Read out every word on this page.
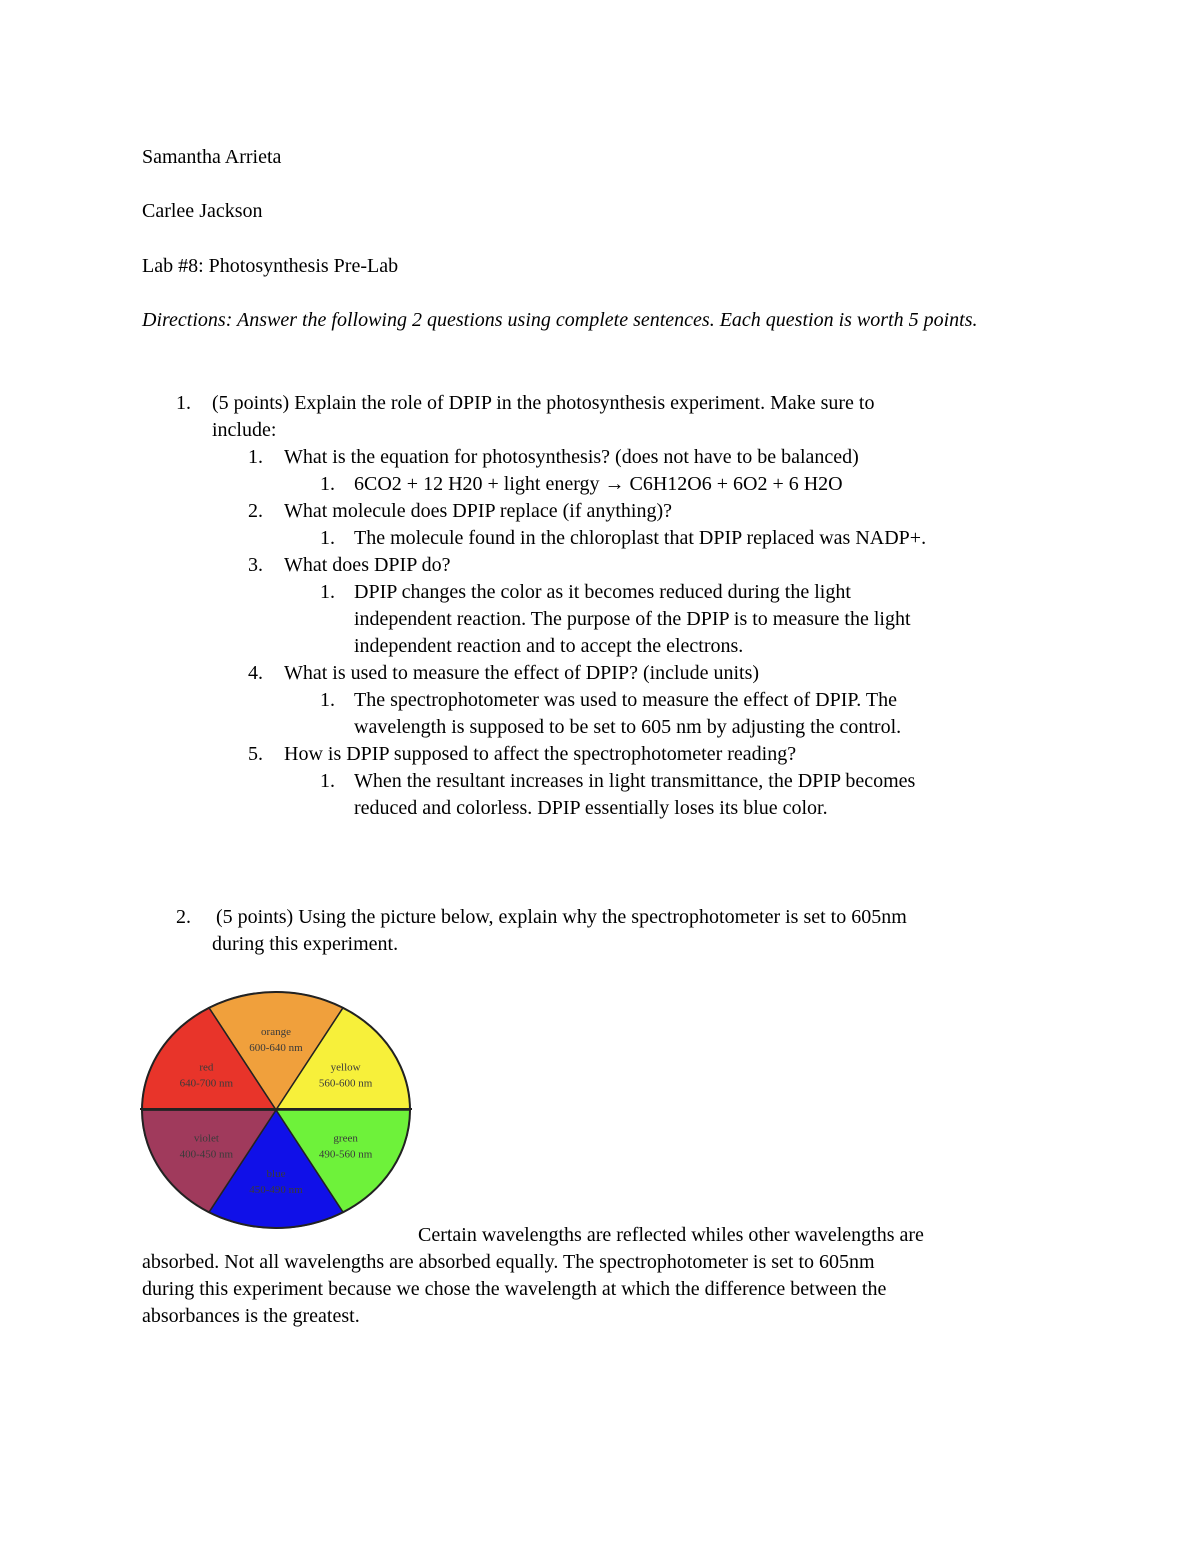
Samantha Arrieta
Carlee Jackson
Lab #8: Photosynthesis Pre-Lab
Directions: Answer the following 2 questions using complete sentences. Each question is worth 5 points.
1. (5 points) Explain the role of DPIP in the photosynthesis experiment. Make sure to
include:
1. What is the equation for photosynthesis? (does not have to be balanced)
1. 6CO2 + 12 H20 + light energy → C6H12O6 + 6O2 + 6 H2O
2. What molecule does DPIP replace (if anything)?
1. The molecule found in the chloroplast that DPIP replaced was NADP+.
3. What does DPIP do?
1. DPIP changes the color as it becomes reduced during the light
independent reaction. The purpose of the DPIP is to measure the light
independent reaction and to accept the electrons.
4. What is used to measure the effect of DPIP? (include units)
1. The spectrophotometer was used to measure the effect of DPIP. The
wavelength is supposed to be set to 605 nm by adjusting the control.
5. How is DPIP supposed to affect the spectrophotometer reading?
1. When the resultant increases in light transmittance, the DPIP becomes
reduced and colorless. DPIP essentially loses its blue color.
2. (5 points) Using the picture below, explain why the spectrophotometer is set to 605nm
during this experiment.
orange
600-640 nm
yellow
560-600 nm
green
490-560 nm
blue
450-490 nm
violet
400-450 nm
red
640-700 nm
Certain wavelengths are reflected whiles other wavelengths are
absorbed. Not all wavelengths are absorbed equally. The spectrophotometer is set to 605nm
during this experiment because we chose the wavelength at which the difference between the
absorbances is the greatest.
